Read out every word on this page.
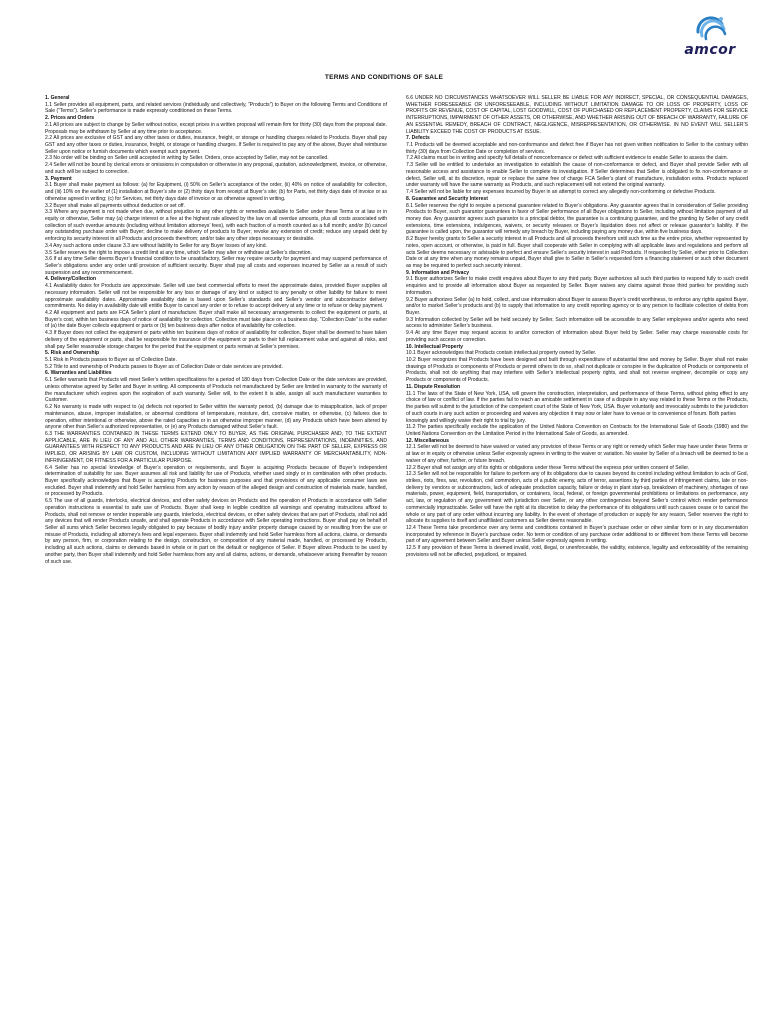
amcor
TERMS AND CONDITIONS OF SALE
1. General

1.1 Seller provides all equipment, parts, and related services (individually and collectively, “Products”) to Buyer on the following Terms and Conditions of Sale (“Terms”). Seller’s performance is made expressly conditioned on these Terms.

2. Prices and Orders

2.1 All prices are subject to change by Seller without notice, except prices in a written proposal will remain firm for thirty (30) days from the proposal date. Proposals may be withdrawn by Seller at any time prior to acceptance.

2.2 All prices are exclusive of GST and any other taxes or duties, insurance, freight, or storage or handling charges related to Products. Buyer shall pay GST and any other taxes or duties, insurance, freight, or storage or handling charges. If Seller is required to pay any of the above, Buyer shall reimburse Seller upon notice or furnish documents which exempt such payment.

2.3 No order will be binding on Seller until accepted in writing by Seller. Orders, once accepted by Seller, may not be cancelled.

2.4 Seller will not be bound by clerical errors or omissions in computation or otherwise in any proposal, quotation, acknowledgment, invoice, or otherwise, and such will be subject to correction.

3. Payment

3.1 Buyer shall make payment as follows: (a) for Equipment, (i) 50% on Seller’s acceptance of the order, (ii) 40% on notice of availability for collection, and (iii) 10% on the earlier of (1) installation at Buyer’s site or (2) thirty days from receipt at Buyer’s site; (b) for Parts, net thirty days date of invoice or as otherwise agreed in writing; (c) for Services, net thirty days date of invoice or as otherwise agreed in writing.

3.2 Buyer shall make all payments without deduction or set off.

3.3 Where any payment is not made when due, without prejudice to any other rights or remedies available to Seller under these Terms or at law or in equity or otherwise, Seller may (a) charge interest or a fee at the highest rate allowed by the law on all overdue amounts, plus all costs associated with collection of such overdue amounts (including without limitation attorneys’ fees), with each fraction of a month counted as a full month; and/or (b) cancel any outstanding purchase order with Buyer; decline to make delivery of products to Buyer; revoke any extension of credit; reduce any unpaid debt by enforcing its security interest in all Products and proceeds therefrom; and/or take any other steps necessary or desirable.

3.4 Any such actions under clause 3.3 are without liability to Seller for any Buyer losses of any kind.

3.5 Seller reserves the right to impose a credit limit at any time, which Seller may alter or withdraw at Seller’s discretion.

3.6 If at any time Seller deems Buyer’s financial condition to be unsatisfactory, Seller may require security for payment and may suspend performance of Seller’s obligations under any order until provision of sufficient security. Buyer shall pay all costs and expenses incurred by Seller as a result of such suspension and any recommencement.

4. Delivery/Collection

4.1 Availability dates for Products are approximate. Seller will use best commercial efforts to meet the approximate dates, provided Buyer supplies all necessary information. Seller will not be responsible for any loss or damage of any kind or subject to any penalty or other liability for failure to meet approximate availability dates. Approximate availability date is based upon Seller’s standards and Seller’s vendor and subcontractor delivery commitments. No delay in availability date will entitle Buyer to cancel any order or to refuse to accept delivery at any time or to refuse or delay payment.

4.2 All equipment and parts are FCA Seller’s plant of manufacture. Buyer shall make all necessary arrangements to collect the equipment or parts, at Buyer’s cost, within ten business days of notice of availability for collection. Collection must take place on a business day. “Collection Date” is the earlier of (a) the date Buyer collects equipment or parts or (b) ten business days after notice of availability for collection.

4.3 If Buyer does not collect the equipment or parts within ten business days of notice of availability for collection, Buyer shall be deemed to have taken delivery of the equipment or parts, shall be responsible for insurance of the equipment or parts to their full replacement value and against all risks, and shall pay Seller reasonable storage charges for the period that the equipment or parts remain at Seller’s premises.

5. Risk and Ownership

5.1 Risk in Products passes to Buyer as of Collection Date.

5.2 Title to and ownership of Products passes to Buyer as of Collection Date or date services are provided.

6. Warranties and Liabilities

6.1 Seller warrants that Products will meet Seller’s written specifications for a period of 180 days from Collection Date or the date services are provided, unless otherwise agreed by Seller and Buyer in writing. All components of Products not manufactured by Seller are limited in warranty to the warranty of the manufacturer which expires upon the expiration of such warranty. Seller will, to the extent it is able, assign all such manufacturer warranties to Customer.

6.2 No warranty is made with respect to (a) defects not reported to Seller within the warranty period, (b) damage due to misapplication, lack of proper maintenance, abuse, improper installation, or abnormal conditions of temperature, moisture, dirt, corrosive matter, or otherwise, (c) failures due to operation, either intentional or otherwise, above the rated capacities or in an otherwise improper manner, (d) any Products which have been altered by anyone other than Seller’s authorized representative, or (e) any Products damaged without Seller’s fault.

6.3 THE WARRANTIES CONTAINED IN THESE TERMS EXTEND ONLY TO BUYER, AS THE ORIGINAL PURCHASER AND, TO THE EXTENT APPLICABLE, ARE IN LIEU OF ANY AND ALL OTHER WARRANTIES, TERMS AND CONDITIONS, REPRESENTATIONS, INDEMNITIES, AND GUARANTEES WITH RESPECT TO ANY PRODUCTS AND ARE IN LIEU OF ANY OTHER OBLIGATION ON THE PART OF SELLER, EXPRESS OR IMPLIED, OR ARISING BY LAW OR CUSTOM, INCLUDING WITHOUT LIMITATION ANY IMPLIED WARRANTY OF MERCHANTABILITY, NON-INFRINGEMENT, OR FITNESS FOR A PARTICULAR PURPOSE.

6.4 Seller has no special knowledge of Buyer’s operation or requirements, and Buyer is acquiring Products because of Buyer’s independent determination of suitability for use. Buyer assumes all risk and liability for use of Products, whether used singly or in combination with other products. Buyer specifically acknowledges that Buyer is acquiring Products for business purposes and that provisions of any applicable consumer laws are excluded. Buyer shall indemnify and hold Seller harmless from any action by reason of the alleged design and construction of materials made, handled, or processed by Products.

6.5 The use of all guards, interlocks, electrical devices, and other safety devices on Products and the operation of Products in accordance with Seller operation instructions is essential to safe use of Products. Buyer shall keep in legible condition all warnings and operating instructions affixed to Products, shall not remove or render inoperable any guards, interlocks, electrical devices, or other safety devices that are part of Products, shall not add any devices that will render Products unsafe, and shall operate Products in accordance with Seller operating instructions. Buyer shall pay on behalf of Seller all sums which Seller becomes legally obligated to pay because of bodily injury and/or property damage caused by or resulting from the use or misuse of Products, including all attorney’s fees and legal expenses. Buyer shall indemnify and hold Seller harmless from all actions, claims, or demands by any person, firm, or corporation relating to the design, construction, or composition of any material made, handled, or processed by Products, including all such actions, claims or demands based in whole or in part on the default or negligence of Seller. If Buyer allows Products to be used by another party, then Buyer shall indemnify and hold Seller harmless from any and all claims, actions, or demands, whatsoever arising thereafter by reason of such use.

6.6 UNDER NO CIRCUMSTANCES WHATSOEVER WILL SELLER BE LIABLE FOR ANY INDIRECT, SPECIAL, OR CONSEQUENTIAL DAMAGES, WHETHER FORESEEABLE OR UNFORESEEABLE, INCLUDING WITHOUT LIMITATION DAMAGE TO OR LOSS OF PROPERTY, LOSS OF PROFITS OR REVENUE, COST OF CAPITAL, LOST GOODWILL, COST OF PURCHASED OR REPLACEMENT PROPERTY, CLAIMS FOR SERVICE INTERRUPTIONS, IMPAIRMENT OF OTHER ASSETS, OR OTHERWISE, AND WHETHER ARISING OUT OF BREACH OF WARRANTY, FAILURE OF AN ESSENTIAL REMEDY, BREACH OF CONTRACT, NEGLIGENCE, MISREPRESENTATION, OR OTHERWISE. IN NO EVENT WILL SELLER’S LIABILITY EXCEED THE COST OF PRODUCTS AT ISSUE.

7. Defects

7.1 Products will be deemed acceptable and non-conformance and defect free if Buyer has not given written notification to Seller to the contrary within thirty (30) days from Collection Date or completion of services.

7.2 All claims must be in writing and specify full details of nonconformance or defect with sufficient evidence to enable Seller to assess the claim.

7.3 Seller will be entitled to undertake an investigation to establish the cause of non-conformance or defect, and Buyer shall provide Seller with all reasonable access and assistance to enable Seller to complete its investigation. If Seller determines that Seller is obligated to fix non-conformance or defect, Seller will, at its discretion, repair or replace the same free of charge FCA Seller’s plant of manufacture, installation extra. Products replaced under warranty will have the same warranty as Products, and such replacement will not extend the original warranty.

7.4 Seller will not be liable for any expenses incurred by Buyer in an attempt to correct any allegedly non-conforming or defective Products.

8. Guarantee and Security Interest

8.1 Seller reserves the right to require a personal guarantee related to Buyer’s obligations. Any guarantor agrees that in consideration of Seller providing Products to Buyer, such guarantor guarantees in favor of Seller performance of all Buyer obligations to Seller, including without limitation payment of all money due. Any guarantor agrees such guarantor is a principal debtor, the guarantee is a continuing guarantee, and the granting by Seller of any credit extensions, time extensions, indulgences, waivers, or security releases or Buyer’s liquidation does not affect or release guarantor’s liability. If the guarantee is called upon, the guarantor will remedy any breach by Buyer, including paying any money due, within five business days.

8.2 Buyer hereby grants to Seller a security interest in all Products and all proceeds therefrom until such time as the entire price, whether represented by notes, open account, or otherwise, is paid in full. Buyer shall cooperate with Seller in complying with all applicable laws and regulations and perform all acts Seller deems necessary or advisable to perfect and ensure Seller’s security interest in said Products. If requested by Seller, either prior to Collection Date or at any time when any money remains unpaid, Buyer shall give to Seller in Seller’s requested form a financing statement or such other document as may be required to perfect such security interest.

9. Information and Privacy

9.1 Buyer authorizes Seller to make credit enquires about Buyer to any third party. Buyer authorizes all such third parties to respond fully to such credit enquiries and to provide all information about Buyer as requested by Seller. Buyer waives any claims against those third parties for providing such information.

9.2 Buyer authorizes Seller (a) to hold, collect, and use information about Buyer to assess Buyer’s credit worthiness, to enforce any rights against Buyer, and/or to market Seller’s products and (b) to supply that information to any credit reporting agency or to any person to facilitate collection of debts from Buyer.

9.3 Information collected by Seller will be held securely by Seller. Such information will be accessible to any Seller employees and/or agents who need access to administer Seller’s business.

9.4 At any time Buyer may request access to and/or correction of information about Buyer held by Seller. Seller may charge reasonable costs for providing such access or correction.

10. Intellectual Property

10.1 Buyer acknowledges that Products contain intellectual property owned by Seller.

10.2 Buyer recognizes that Products have been designed and built through expenditure of substantial time and money by Seller. Buyer shall not make drawings of Products or components of Products or permit others to do so, shall not duplicate or conspire in the duplication of Products or components of Products, shall not do anything that may interfere with Seller’s intellectual property rights, and shall not reverse engineer, decompile or copy any Products or components of Products.

11. Dispute Resolution

11.1 The laws of the State of New York, USA, will govern the construction, interpretation, and performance of these Terms, without giving effect to any choice of law or conflict of law. If the parties fail to reach an amicable settlement in case of a dispute in any way related to these Terms or the Products, the parties will submit to the jurisdiction of the competent court of the State of New York, USA. Buyer voluntarily and irrevocably submits to the jurisdiction of such courts in any such action or proceeding and waives any objection it may now or later have to venue or to convenience of forum. Both parties

knowingly and willingly waive their right to trial by jury.

11.2 The parties specifically exclude the application of the United Nations Convention on Contracts for the International Sale of Goods (1980) and the United Nations Convention on the Limitation Period in the International Sale of Goods, as amended.

12. Miscellaneous

12.1 Seller will not be deemed to have waived or varied any provision of these Terms or any right or remedy which Seller may have under these Terms or at law or in equity or otherwise unless Seller expressly agrees in writing to the waiver or variation. No wavier by Seller of a breach will be deemed to be a waiver of any other, further, or future breach.

12.2 Buyer shall not assign any of its rights or obligations under these Terms without the express prior written consent of Seller.

12.3 Seller will not be responsible for failure to perform any of its obligations due to causes beyond its control including without limitation to acts of God, strikes, riots, fires, war, revolution, civil commotion, acts of a public enemy, acts of terror, assertions by third parties of infringement claims, late or non-delivery by vendors or subcontractors, lack of adequate production capacity, failure or delay in plant start-up, breakdown of machinery, shortages of raw materials, power, equipment, field, transportation, or containers, local, federal, or foreign governmental prohibitions or limitations on performance, any act, law, or regulation of any government with jurisdiction over Seller, or any other contingencies beyond Seller’s control which render performance commercially impracticable. Seller will have the right at its discretion to delay the performance of its obligations until such causes cease or to cancel the whole or any part of any order without incurring any liability. In the event of shortage of production or supply for any reason, Seller reserves the right to allocate its supplies to itself and unaffiliated customers as Seller deems reasonable.

12.4 These Terms take precedence over any terms and conditions contained in Buyer’s purchase order or other similar form or in any documentation incorporated by reference in Buyer’s purchase order. No term or condition of any purchase order additional to or different from these Terms will become part of any agreement between Seller and Buyer unless Seller expressly agrees in writing.

12.5 If any provision of these Terms is deemed invalid, void, illegal, or unenforceable, the validity, existence, legality and enforceability of the remaining provisions will not be affected, prejudiced, or impaired.
